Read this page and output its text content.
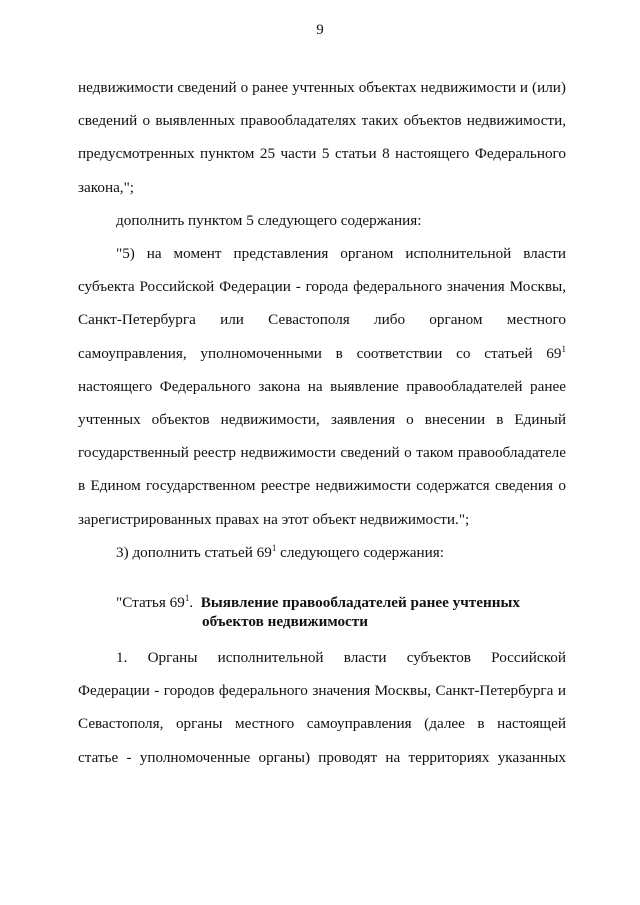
9

недвижимости сведений о ранее учтенных объектах недвижимости и (или)

сведений о выявленных правообладателях таких объектов недвижимости,

предусмотренных пунктом 25 части 5 статьи 8 настоящего Федерального

закона,";

дополнить пунктом 5 следующего содержания:

"5) на момент представления органом исполнительной власти

субъекта Российской Федерации - города федерального значения Москвы,

Санкт-Петербурга или Севастополя либо органом местного

самоуправления, уполномоченными в соответствии со статьей $69^1$

настоящего Федерального закона на выявление правообладателей ранее

учтенных объектов недвижимости, заявления о внесении в Единый

государственный реестр недвижимости сведений о таком правообладателе

в Едином государственном реестре недвижимости содержатся сведения о

зарегистрированных правах на этот объект недвижимости.";

3) дополнить статьей $69^1$ следующего содержания:

"Статья $69^1$.  Выявление правообладателей ранее учтенных
объектов недвижимости

1. Органы исполнительной власти субъектов Российской

Федерации - городов федерального значения Москвы, Санкт-Петербурга и

Севастополя, органы местного самоуправления (далее в настоящей

статье - уполномоченные органы) проводят на территориях указанных
